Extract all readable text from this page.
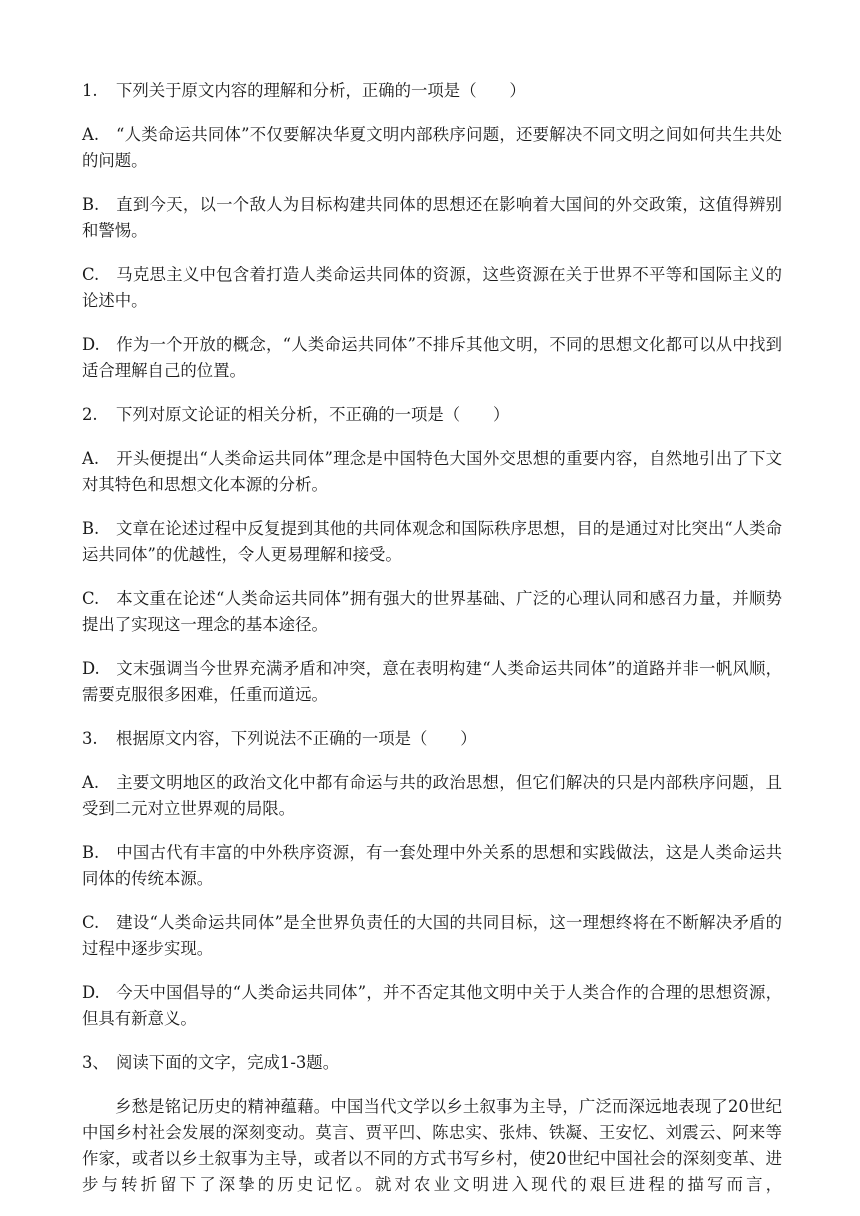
1. 下列关于原文内容的理解和分析，正确的一项是（　　）

A. “人类命运共同体”不仅要解决华夏文明内部秩序问题，还要解决不同文明之间如何共生共处的问题。

B. 直到今天，以一个敌人为目标构建共同体的思想还在影响着大国间的外交政策，这值得辨别和警惕。

C. 马克思主义中包含着打造人类命运共同体的资源，这些资源在关于世界不平等和国际主义的论述中。

D. 作为一个开放的概念，“人类命运共同体”不排斥其他文明，不同的思想文化都可以从中找到适合理解自己的位置。

2. 下列对原文论证的相关分析，不正确的一项是（　　）

A. 开头便提出“人类命运共同体”理念是中国特色大国外交思想的重要内容，自然地引出了下文对其特色和思想文化本源的分析。

B. 文章在论述过程中反复提到其他的共同体观念和国际秩序思想，目的是通过对比突出“人类命运共同体”的优越性，令人更易理解和接受。

C. 本文重在论述“人类命运共同体”拥有强大的世界基础、广泛的心理认同和感召力量，并顺势提出了实现这一理念的基本途径。

D. 文末强调当今世界充满矛盾和冲突，意在表明构建“人类命运共同体”的道路并非一帆风顺，需要克服很多困难，任重而道远。

3. 根据原文内容，下列说法不正确的一项是（　　）

A. 主要文明地区的政治文化中都有命运与共的政治思想，但它们解决的只是内部秩序问题，且受到二元对立世界观的局限。

B. 中国古代有丰富的中外秩序资源，有一套处理中外关系的思想和实践做法，这是人类命运共同体的传统本源。

C. 建设“人类命运共同体”是全世界负责任的大国的共同目标，这一理想终将在不断解决矛盾的过程中逐步实现。

D. 今天中国倡导的“人类命运共同体”，并不否定其他文明中关于人类合作的合理的思想资源，但具有新意义。

3、 阅读下面的文字，完成1-3题。

乡愁是铭记历史的精神蕴藉。中国当代文学以乡土叙事为主导，广泛而深远地表现了20世纪中国乡村社会发展的深刻变动。莫言、贾平凹、陈忠实、张炜、铁凝、王安忆、刘震云、阿来等作家，或者以乡土叙事为主导，或者以不同的方式书写乡村，使20世纪中国社会的深刻变革、进步与转折留下了深挚的历史记忆。就对农业文明进入现代的艰巨进程的描写而言，
